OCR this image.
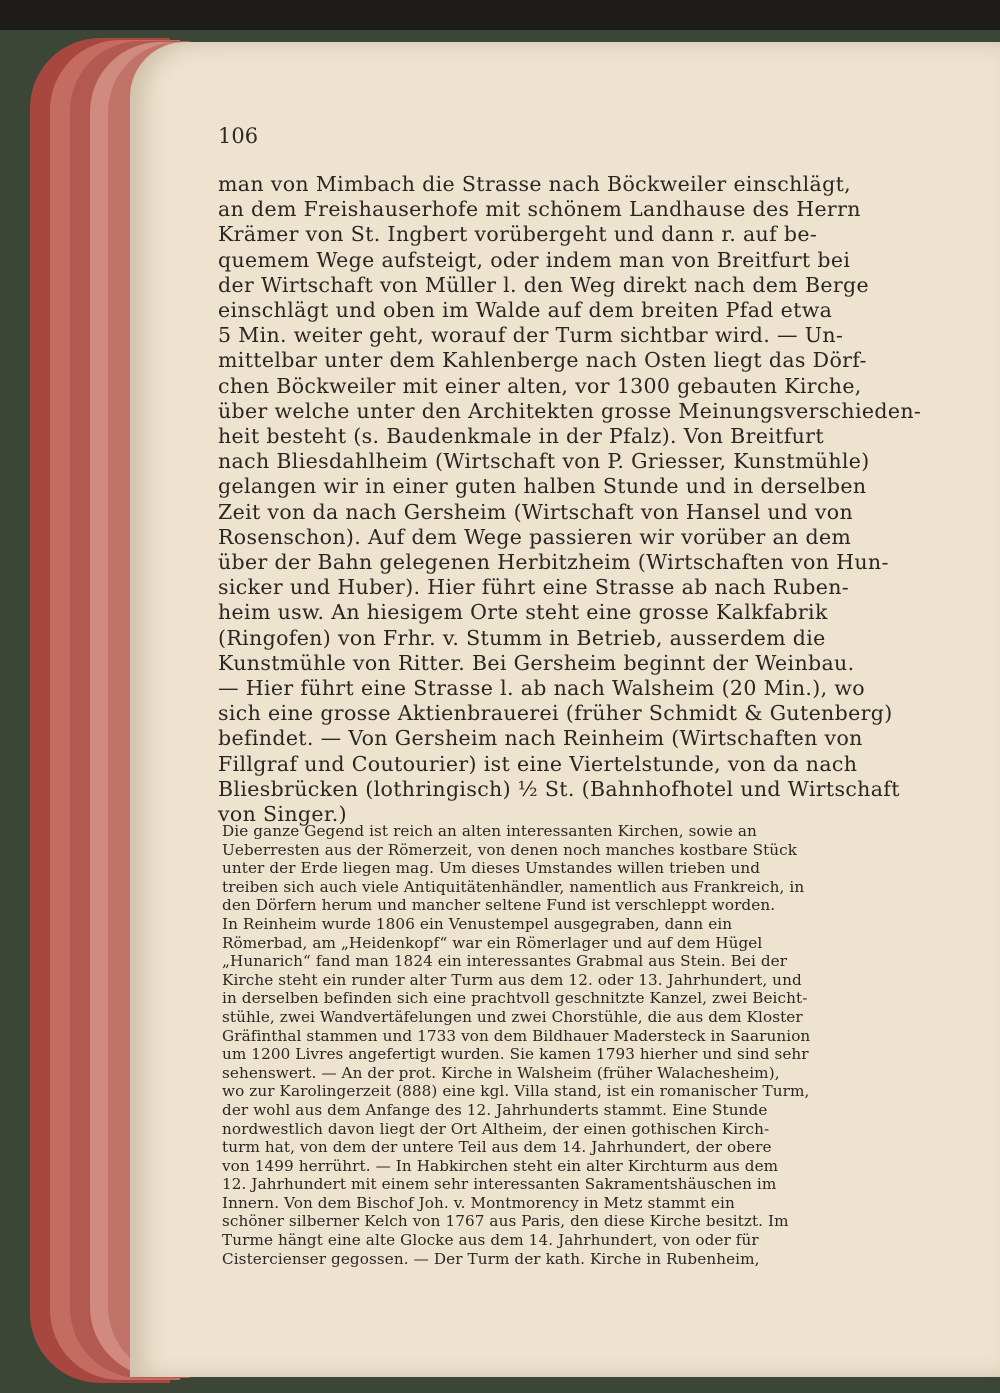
106
man von Mimbach die Strasse nach Böckweiler einschlägt,
an dem Freishauserhofe mit schönem Landhause des Herrn
Krämer von St. Ingbert vorübergeht und dann r. auf be-
quemem Wege aufsteigt, oder indem man von Breitfurt bei
der Wirtschaft von Müller l. den Weg direkt nach dem Berge
einschlägt und oben im Walde auf dem breiten Pfad etwa
5 Min. weiter geht, worauf der Turm sichtbar wird. — Un-
mittelbar unter dem Kahlenberge nach Osten liegt das Dörf-
chen Böckweiler mit einer alten, vor 1300 gebauten Kirche,
über welche unter den Architekten grosse Meinungsverschieden-
heit besteht (s. Baudenkmale in der Pfalz). Von Breitfurt
nach Bliesdahlheim (Wirtschaft von P. Griesser, Kunstmühle)
gelangen wir in einer guten halben Stunde und in derselben
Zeit von da nach Gersheim (Wirtschaft von Hansel und von
Rosenschon). Auf dem Wege passieren wir vorüber an dem
über der Bahn gelegenen Herbitzheim (Wirtschaften von Hun-
sicker und Huber). Hier führt eine Strasse ab nach Ruben-
heim usw. An hiesigem Orte steht eine grosse Kalkfabrik
(Ringofen) von Frhr. v. Stumm in Betrieb, ausserdem die
Kunstmühle von Ritter. Bei Gersheim beginnt der Weinbau.
— Hier führt eine Strasse l. ab nach Walsheim (20 Min.), wo
sich eine grosse Aktienbrauerei (früher Schmidt & Gutenberg)
befindet. — Von Gersheim nach Reinheim (Wirtschaften von
Fillgraf und Coutourier) ist eine Viertelstunde, von da nach
Bliesbrücken (lothringisch) ½ St. (Bahnhofhotel und Wirtschaft
von Singer.)
Die ganze Gegend ist reich an alten interessanten Kirchen, sowie an
Ueberresten aus der Römerzeit, von denen noch manches kostbare Stück
unter der Erde liegen mag. Um dieses Umstandes willen trieben und
treiben sich auch viele Antiquitätenhändler, namentlich aus Frankreich, in
den Dörfern herum und mancher seltene Fund ist verschleppt worden.
In Reinheim wurde 1806 ein Venustempel ausgegraben, dann ein
Römerbad, am „Heidenkopf“ war ein Römerlager und auf dem Hügel
„Hunarich“ fand man 1824 ein interessantes Grabmal aus Stein. Bei der
Kirche steht ein runder alter Turm aus dem 12. oder 13. Jahrhundert, und
in derselben befinden sich eine prachtvoll geschnitzte Kanzel, zwei Beicht-
stühle, zwei Wandvertäfelungen und zwei Chorstühle, die aus dem Kloster
Gräfinthal stammen und 1733 von dem Bildhauer Madersteck in Saarunion
um 1200 Livres angefertigt wurden. Sie kamen 1793 hierher und sind sehr
sehenswert. — An der prot. Kirche in Walsheim (früher Walachesheim),
wo zur Karolingerzeit (888) eine kgl. Villa stand, ist ein romanischer Turm,
der wohl aus dem Anfange des 12. Jahrhunderts stammt. Eine Stunde
nordwestlich davon liegt der Ort Altheim, der einen gothischen Kirch-
turm hat, von dem der untere Teil aus dem 14. Jahrhundert, der obere
von 1499 herrührt. — In Habkirchen steht ein alter Kirchturm aus dem
12. Jahrhundert mit einem sehr interessanten Sakramentshäuschen im
Innern. Von dem Bischof Joh. v. Montmorency in Metz stammt ein
schöner silberner Kelch von 1767 aus Paris, den diese Kirche besitzt. Im
Turme hängt eine alte Glocke aus dem 14. Jahrhundert, von oder für
Cistercienser gegossen. — Der Turm der kath. Kirche in Rubenheim,
